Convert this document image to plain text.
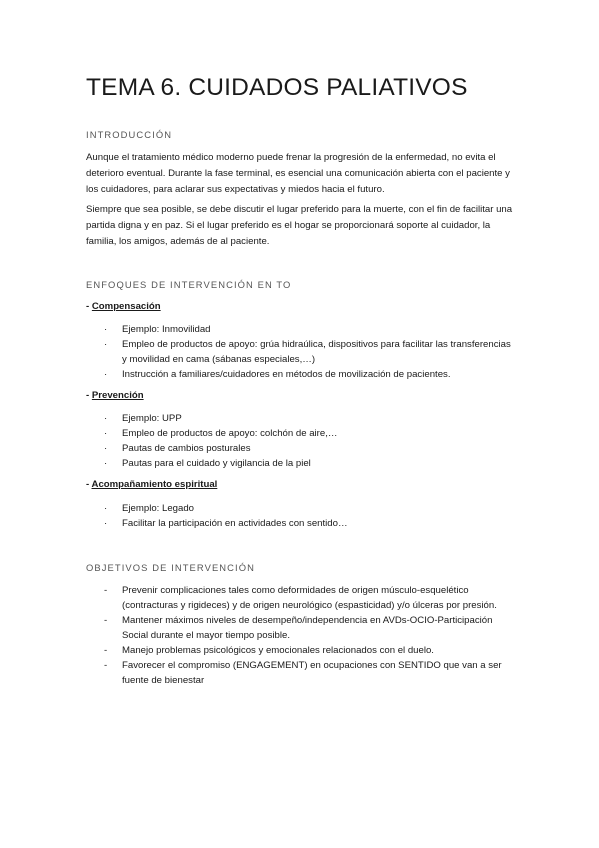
TEMA 6. CUIDADOS PALIATIVOS
INTRODUCCIÓN

Aunque el tratamiento médico moderno puede frenar la progresión de la enfermedad, no evita el deterioro eventual. Durante la fase terminal, es esencial una comunicación abierta con el paciente y los cuidadores, para aclarar sus expectativas y miedos hacia el futuro.

Siempre que sea posible, se debe discutir el lugar preferido para la muerte, con el fin de facilitar una partida digna y en paz. Si el lugar preferido es el hogar se proporcionará soporte al cuidador, la familia, los amigos, además de al paciente.

ENFOQUES DE INTERVENCIÓN EN TO
- Compensación
· Ejemplo: Inmovilidad
· Empleo de productos de apoyo: grúa hidraúlica, dispositivos para facilitar las transferencias y movilidad en cama (sábanas especiales,…)
· Instrucción a familiares/cuidadores en métodos de movilización de pacientes.
- Prevención
· Ejemplo: UPP
· Empleo de productos de apoyo: colchón de aire,…
· Pautas de cambios posturales
· Pautas para el cuidado y vigilancia de la piel
- Acompañamiento espiritual
· Ejemplo: Legado
· Facilitar la participación en actividades con sentido…
OBJETIVOS DE INTERVENCIÓN
- Prevenir complicaciones tales como deformidades de origen músculo-esquelético (contracturas y rigideces) y de origen neurológico (espasticidad) y/o úlceras por presión.
- Mantener máximos niveles de desempeño/independencia en AVDs-OCIO-Participación Social durante el mayor tiempo posible.
- Manejo problemas psicológicos y emocionales relacionados con el duelo.
- Favorecer el compromiso (ENGAGEMENT) en ocupaciones con SENTIDO que van a ser fuente de bienestar
